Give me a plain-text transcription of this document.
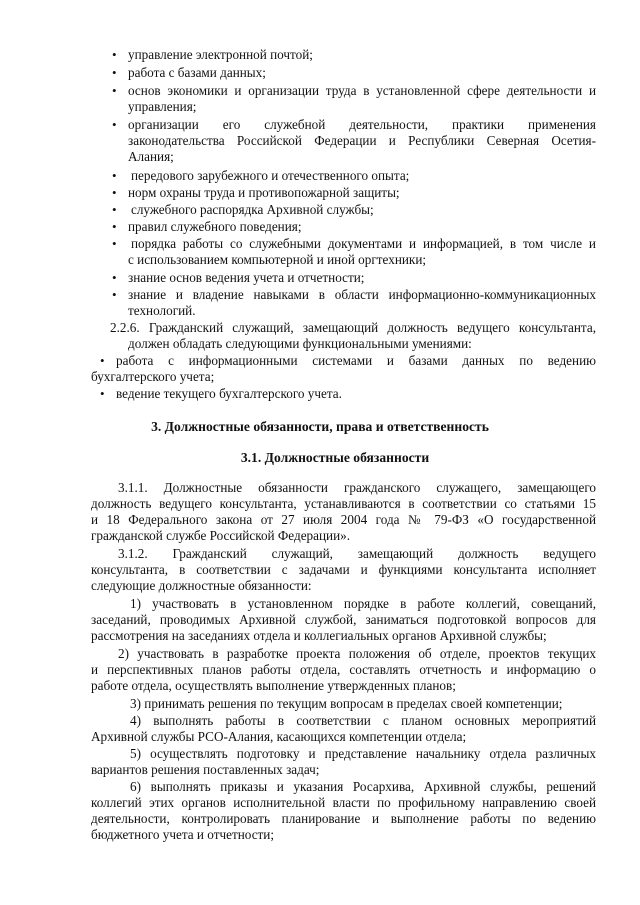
• управление электронной почтой;
• работа с базами данных;
• основ экономики и организации труда в установленной сфере деятельности и
управления;
• организации его служебной деятельности, практики применения
законодательства Российской Федерации и Республики Северная Осетия-
Алания;
• передового зарубежного и отечественного опыта;
• норм охраны труда и противопожарной защиты;
• служебного распорядка Архивной службы;
• правил служебного поведения;
• порядка работы со служебными документами и информацией, в том числе и
с использованием компьютерной и иной оргтехники;
• знание основ ведения учета и отчетности;
• знание и владение навыками в области информационно-коммуникационных
технологий.
2.2.6. Гражданский служащий, замещающий должность ведущего консультанта,
должен обладать следующими функциональными умениями:
• работа с информационными системами и базами данных по ведению
бухгалтерского учета;
• ведение текущего бухгалтерского учета.
3. Должностные обязанности, права и ответственность
3.1. Должностные обязанности
3.1.1. Должностные обязанности гражданского служащего, замещающего
должность ведущего консультанта, устанавливаются в соответствии со статьями 15
и 18 Федерального закона от 27 июля 2004 года № 79-ФЗ «О государственной
гражданской службе Российской Федерации».
3.1.2. Гражданский служащий, замещающий должность ведущего
консультанта, в соответствии с задачами и функциями консультанта исполняет
следующие должностные обязанности:
1) участвовать в установленном порядке в работе коллегий, совещаний,
заседаний, проводимых Архивной службой, заниматься подготовкой вопросов для
рассмотрения на заседаниях отдела и коллегиальных органов Архивной службы;
2) участвовать в разработке проекта положения об отделе, проектов текущих
и перспективных планов работы отдела, составлять отчетность и информацию о
работе отдела, осуществлять выполнение утвержденных планов;
3) принимать решения по текущим вопросам в пределах своей компетенции;
4) выполнять работы в соответствии с планом основных мероприятий
Архивной службы РСО-Алания, касающихся компетенции отдела;
5) осуществлять подготовку и представление начальнику отдела различных
вариантов решения поставленных задач;
6) выполнять приказы и указания Росархива, Архивной службы, решений
коллегий этих органов исполнительной власти по профильному направлению своей
деятельности, контролировать планирование и выполнение работы по ведению
бюджетного учета и отчетности;
